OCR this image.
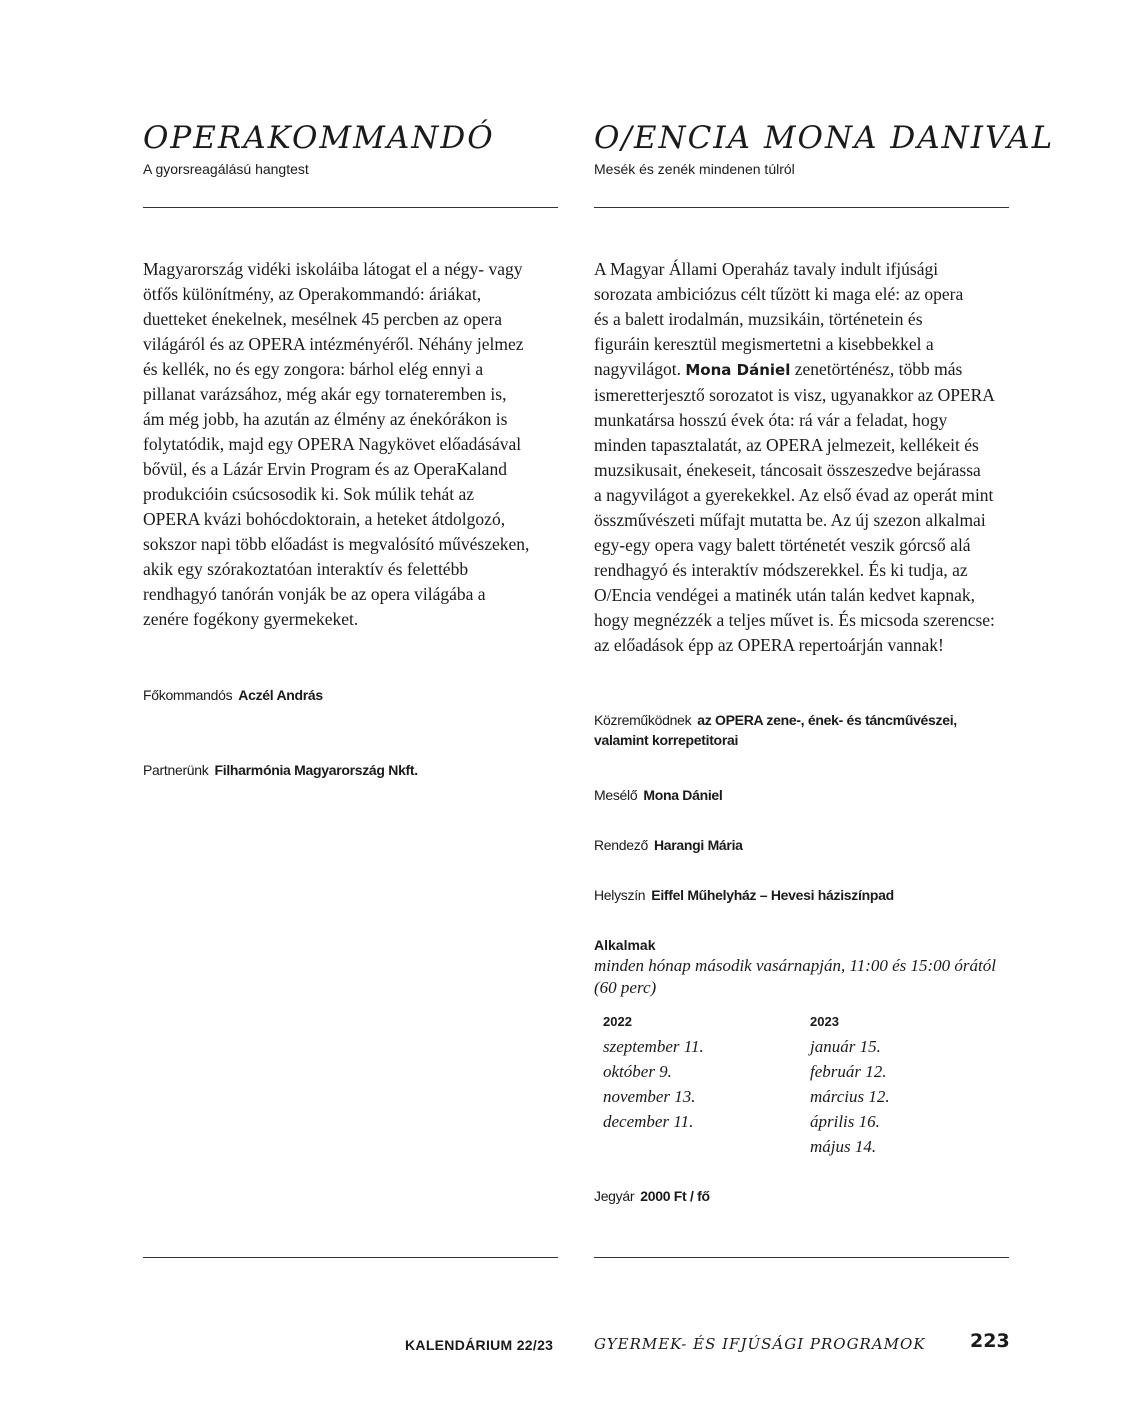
OPERAKOMMANDÓ

A gyorsreagálású hangtest

Magyarország vidéki iskoláiba látogat el a négy- vagy
ötfős különítmény, az Operakommandó: áriákat,
duetteket énekelnek, mesélnek 45 percben az opera
világáról és az OPERA intézményéről. Néhány jelmez
és kellék, no és egy zongora: bárhol elég ennyi a
pillanat varázsához, még akár egy tornateremben is,
ám még jobb, ha azután az élmény az énekórákon is
folytatódik, majd egy OPERA Nagykövet előadásával
bővül, és a Lázár Ervin Program és az OperaKaland
produkcióin csúcsosodik ki. Sok múlik tehát az
OPERA kvázi bohócdoktorain, a heteket átdolgozó,
sokszor napi több előadást is megvalósító művészeken,
akik egy szórakoztatóan interaktív és felettébb
rendhagyó tanórán vonják be az opera világába a
zenére fogékony gyermekeket.
Főkommandós Aczél András
Partnerünk Filharmónia Magyarország Nkft.
O/ENCIA MONA DANIVAL

Mesék és zenék mindenen túlról

A Magyar Állami Operaház tavaly indult ifjúsági
sorozata ambiciózus célt tűzött ki maga elé: az opera
és a balett irodalmán, muzsikáin, történetein és
figuráin keresztül megismertetni a kisebbekkel a
nagyvilágot. Mona Dániel zenetörténész, több más
ismeretterjesztő sorozatot is visz, ugyanakkor az OPERA
munkatársa hosszú évek óta: rá vár a feladat, hogy
minden tapasztalatát, az OPERA jelmezeit, kellékeit és
muzsikusait, énekeseit, táncosait összeszedve bejárassa
a nagyvilágot a gyerekekkel. Az első évad az operát mint
összművészeti műfajt mutatta be. Az új szezon alkalmai
egy-egy opera vagy balett történetét veszik górcső alá
rendhagyó és interaktív módszerekkel. És ki tudja, az
O/Encia vendégei a matinék után talán kedvet kapnak,
hogy megnézzék a teljes művet is. És micsoda szerencse:
az előadások épp az OPERA repertoárján vannak!
Közreműködnek az OPERA zene-, ének- és táncművészei,
valamint korrepetitorai
Mesélő Mona Dániel
Rendező Harangi Mária
Helyszín Eiffel Műhelyház – Hevesi háziszínpad
Alkalmak
minden hónap második vasárnapján, 11:00 és 15:00 órától
(60 perc)
2022
szeptember 11.
október 9.
november 13.
december 11.
2023
január 15.
február 12.
március 12.
április 16.
május 14.
Jegyár 2000 Ft / fő
KALENDÁRIUM 22/23	GYERMEK- ÉS IFJÚSÁGI PROGRAMOK 223
